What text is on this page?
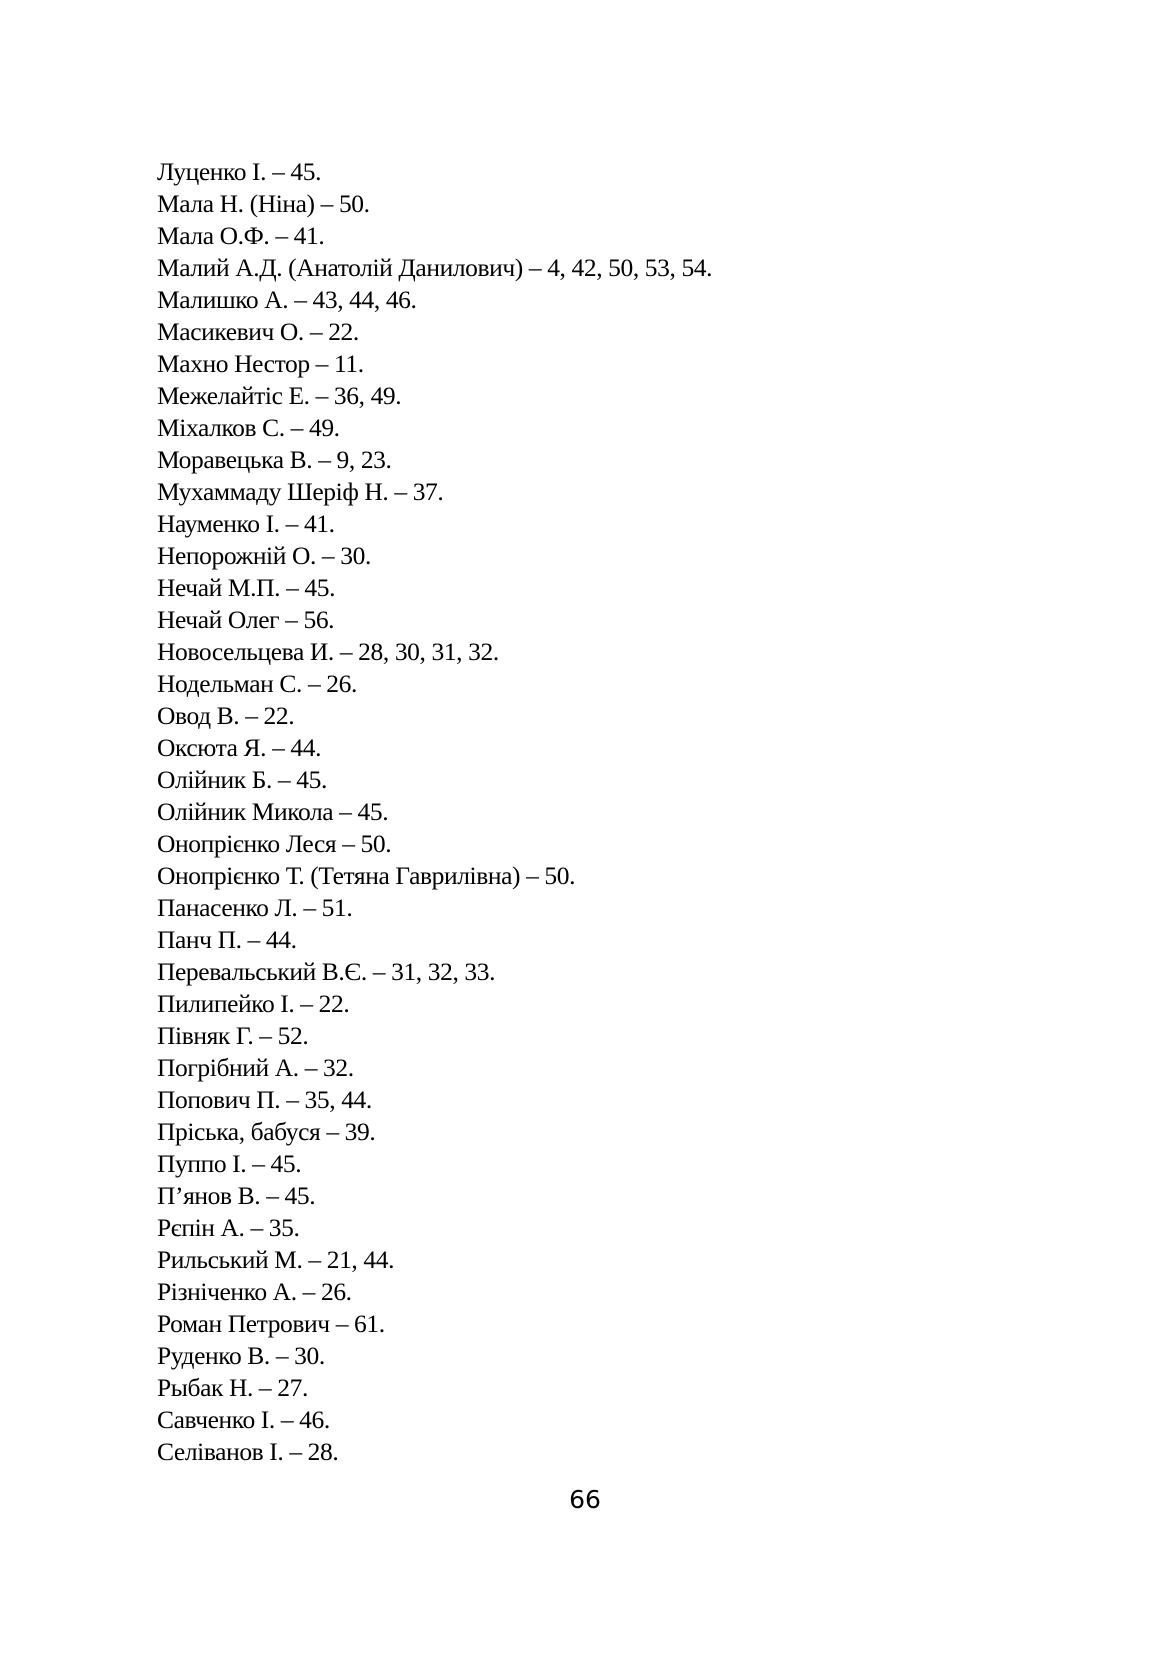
Луценко І. – 45.
Мала Н. (Ніна) – 50.
Мала О.Ф. – 41.
Малий А.Д. (Анатолій Данилович) – 4, 42, 50, 53, 54.
Малишко А. – 43, 44, 46.
Масикевич О. – 22.
Махно Нестор – 11.
Межелайтіс Е. – 36, 49.
Міхалков С. – 49.
Моравецька В. – 9, 23.
Мухаммаду Шеріф Н. – 37.
Науменко І. – 41.
Непорожній О. – 30.
Нечай М.П. – 45.
Нечай Олег – 56.
Новосельцева И. – 28, 30, 31, 32.
Нодельман С. – 26.
Овод В. – 22.
Оксюта Я. – 44.
Олійник Б. – 45.
Олійник Микола – 45.
Онопрієнко Леся – 50.
Онопрієнко Т. (Тетяна Гаврилівна) – 50.
Панасенко Л. – 51.
Панч П. – 44.
Перевальський В.Є. – 31, 32, 33.
Пилипейко І. – 22.
Півняк Г. – 52.
Погрібний А. – 32.
Попович П. – 35, 44.
Пріська, бабуся – 39.
Пуппо І. – 45.
П’янов В. – 45.
Рєпін А. – 35.
Рильський М. – 21, 44.
Різніченко А. – 26.
Роман Петрович – 61.
Руденко В. – 30.
Рыбак Н. – 27.
Савченко І. – 46.
Селіванов І. – 28.
66
